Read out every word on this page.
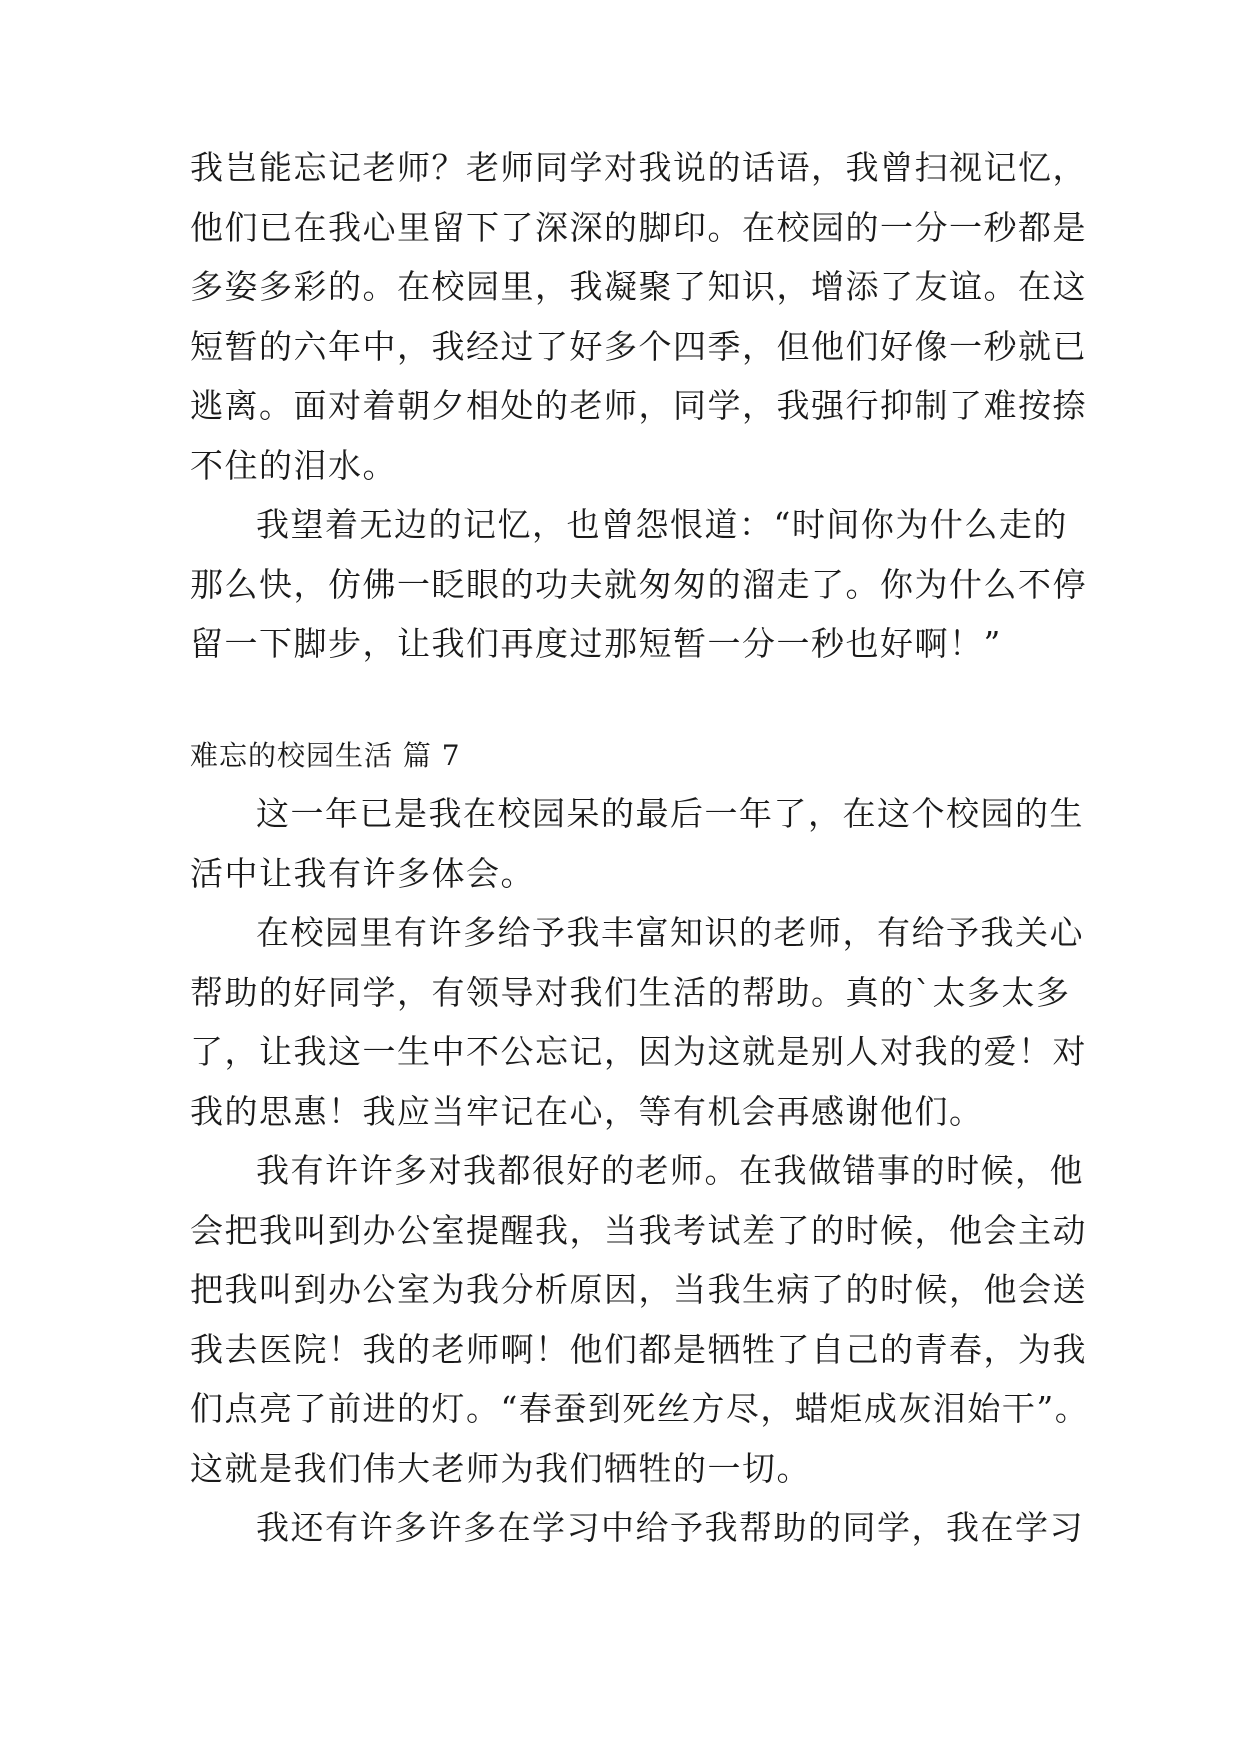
我岂能忘记老师？老师同学对我说的话语，我曾扫视记忆，
他们已在我心里留下了深深的脚印。在校园的一分一秒都是
多姿多彩的。在校园里，我凝聚了知识，增添了友谊。在这
短暂的六年中，我经过了好多个四季，但他们好像一秒就已
逃离。面对着朝夕相处的老师，同学，我强行抑制了难按捺
不住的泪水。
我望着无边的记忆，也曾怨恨道：“时间你为什么走的
那么快，仿佛一眨眼的功夫就匆匆的溜走了。你为什么不停
留一下脚步，让我们再度过那短暂一分一秒也好啊！”
难忘的校园生活 篇 7
这一年已是我在校园呆的最后一年了，在这个校园的生
活中让我有许多体会。
在校园里有许多给予我丰富知识的老师，有给予我关心
帮助的好同学，有领导对我们生活的帮助。真的`太多太多
了，让我这一生中不公忘记，因为这就是别人对我的爱！对
我的思惠！我应当牢记在心，等有机会再感谢他们。
我有许许多对我都很好的老师。在我做错事的时候，他
会把我叫到办公室提醒我，当我考试差了的时候，他会主动
把我叫到办公室为我分析原因，当我生病了的时候，他会送
我去医院！我的老师啊！他们都是牺牲了自己的青春，为我
们点亮了前进的灯。“春蚕到死丝方尽，蜡炬成灰泪始干”。
这就是我们伟大老师为我们牺牲的一切。
我还有许多许多在学习中给予我帮助的同学，我在学习
